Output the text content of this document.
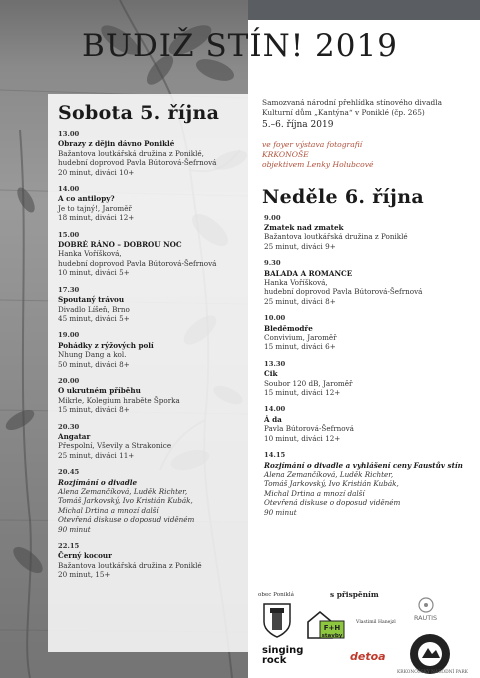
BUDIŽ STÍN! 2019
Sobota 5. října
13.00
Obrazy z dějin dávno Poniklé
Bažantova loutkářská družina z Poniklé,
hudební doprovod Pavla Bútorová-Šefrnová
20 minut, diváci 10+
14.00
A co antilopy?
Je to tajný!, Jaroměř
18 minut, diváci 12+
15.00
DOBRÉ RÁNO – DOBROU NOC
Hanka Voříšková,
hudební doprovod Pavla Bútorová-Šefrnová
10 minut, diváci 5+
17.30
Spoutaný trávou
Divadlo Líšeň, Brno
45 minut, diváci 5+
19.00
Pohádky z rýžových polí
Nhung Dang a kol.
50 minut, diváci 8+
20.00
O ukrutném příběhu
Mikrle, Kolegium hraběte Šporka
15 minut, diváci 8+
20.30
Angatar
Přespolní, Vševily a Strakonice
25 minut, diváci 11+
20.45
Rozjímání o divadle
Alena Zemančíková, Luděk Richter,
Tomáš Jarkovský, Ivo Kristián Kubák,
Michal Drtina a mnozí další
Otevřená diskuse o doposud viděném
90 minut
22.15
Černý kocour
Bažantova loutkářská družina z Poniklé
20 minut, 15+
Samozvaná národní přehlídka stínového divadla
Kulturní dům „Kantýna“ v Poniklé (čp. 265)
5.–6. října 2019
ve foyer výstava fotografií
KRKONOŠE
objektivem Lenky Holubcové
Neděle 6. října
9.00
Zmatek nad zmatek
Bažantova loutkářská družina z Poniklé
25 minut, diváci 9+
9.30
BALADA A ROMANCE
Hanka Voříšková,
hudební doprovod Pavla Bútorová-Šefrnová
25 minut, diváci 8+
10.00
Bleděmodře
Convivium, Jaroměř
15 minut, diváci 6+
13.30
Cik
Soubor 120 dB, Jaroměř
15 minut, diváci 12+
14.00
Á da
Pavla Bútorová-Šefrnová
10 minut, diváci 12+
14.15
Rozjímání o divadle a vyhlášení ceny Faustův stín
Alena Zemančíková, Luděk Richter,
Tomáš Jarkovský, Ivo Kristián Kubák,
Michal Drtina a mnozí další
Otevřená diskuse o doposud viděném
90 minut
s přispěním
obec Poniklá
F+H
stavby
Vlastimil Hanejzl
RAUTIS
singing
rock	detoa
KRKONOŠSKÝ NÁRODNÍ PARK
